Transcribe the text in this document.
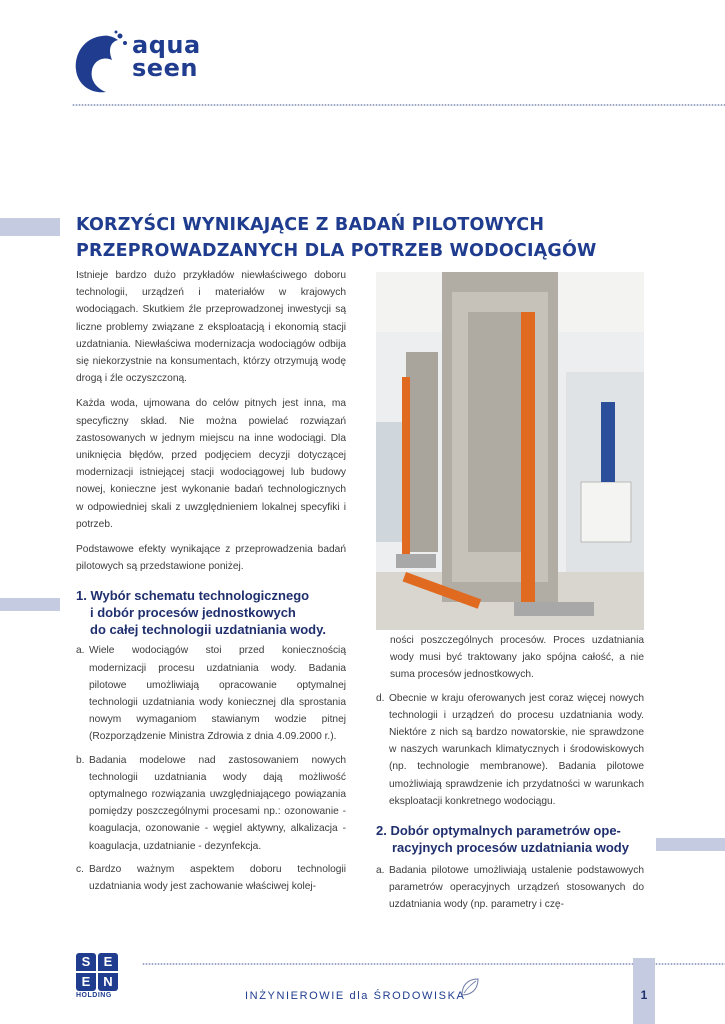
aqua
seen
KORZYŚCI WYNIKAJĄCE Z BADAŃ PILOTOWYCH
PRZEPROWADZANYCH DLA POTRZEB WODOCIĄGÓW

Istnieje bardzo dużo przykładów niewłaściwego doboru technologii, urządzeń i materiałów w krajowych wodociągach. Skutkiem źle przeprowadzonej inwestycji są liczne problemy związane z eksploatacją i ekonomią stacji uzdatniania. Niewłaściwa modernizacja wodociągów odbija się niekorzystnie na konsumentach, którzy otrzymują wodę drogą i źle oczyszczoną.

Każda woda, ujmowana do celów pitnych jest inna, ma specyficzny skład. Nie można powielać rozwiązań zastosowanych w jednym miejscu na inne wodociągi. Dla uniknięcia błędów, przed podjęciem decyzji dotyczącej modernizacji istniejącej stacji wodociągowej lub budowy nowej, konieczne jest wykonanie badań technologicznych w odpowiedniej skali z uwzględnieniem lokalnej specyfiki i potrzeb.

Podstawowe efekty wynikające z przeprowadzenia badań pilotowych są przedstawione poniżej.

1. Wybór schematu technologicznego
i dobór procesów jednostkowych
do całej technologii uzdatniania wody.
a. Wiele wodociągów stoi przed koniecznością modernizacji procesu uzdatniania wody. Badania pilotowe umożliwiają opracowanie optymalnej technologii uzdatniania wody koniecznej dla sprostania nowym wymaganiom stawianym wodzie pitnej (Rozporządzenie Ministra Zdrowia z dnia 4.09.2000 r.).
b. Badania modelowe nad zastosowaniem nowych technologii uzdatniania wody dają możliwość optymalnego rozwiązania uwzględniającego powiązania pomiędzy poszczególnymi procesami np.: ozonowanie - koagulacja, ozonowanie - węgiel aktywny, alkalizacja - koagulacja, uzdatnianie - dezynfekcja.
c. Bardzo ważnym aspektem doboru technologii uzdatniania wody jest zachowanie właściwej kolej-
ności poszczególnych procesów. Proces uzdatniania wody musi być traktowany jako spójna całość, a nie suma procesów jednostkowych.
d. Obecnie w kraju oferowanych jest coraz więcej nowych technologii i urządzeń do procesu uzdatniania wody. Niektóre z nich są bardzo nowatorskie, nie sprawdzone w naszych warunkach klimatycznych i środowiskowych (np. technologie membranowe). Badania pilotowe umożliwiają sprawdzenie ich przydatności w warunkach eksploatacji konkretnego wodociągu.
2. Dobór optymalnych parametrów ope-
racyjnych procesów uzdatniania wody
a. Badania pilotowe umożliwiają ustalenie podstawowych parametrów operacyjnych urządzeń stosowanych do uzdatniania wody (np. parametry i czę-
S	E
E N
HOLDING	INŻYNIEROWIE dla ŚRODOWISKA	1
